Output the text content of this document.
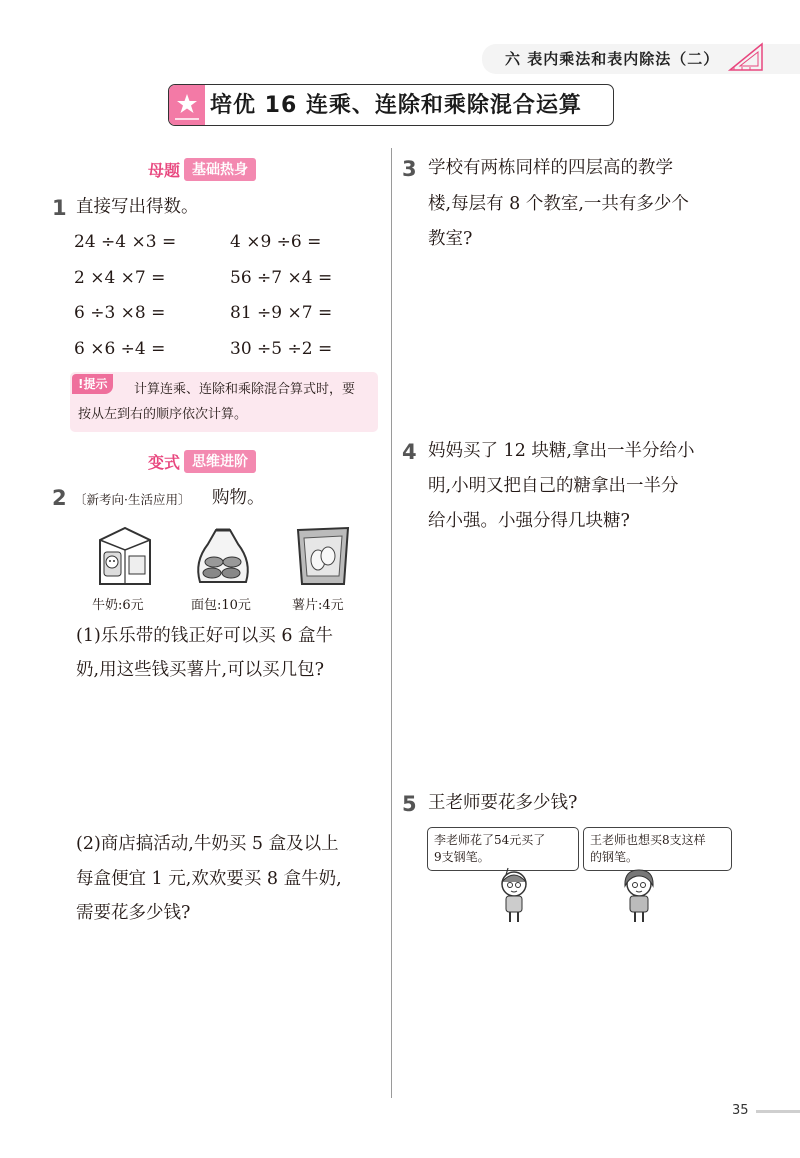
六 表内乘法和表内除法（二）
培优 16 连乘、连除和乘除混合运算
母题 基础热身
1 直接写出得数。
24 ÷4 ×3 =	4 ×9 ÷6 =
2 ×4 ×7 =	56 ÷7 ×4 =
6 ÷3 ×8 =	81 ÷9 ×7 =
6 ×6 ÷4 =	30 ÷5 ÷2 =
!提示	计算连乘、连除和乘除混合算式时，要
按从左到右的顺序依次计算。
变式 思维进阶
2 〔新考向·生活应用〕 购物。
牛奶:6元	面包:10元	薯片:4元
(1)乐乐带的钱正好可以买 6 盒牛
奶,用这些钱买薯片,可以买几包?
(2)商店搞活动,牛奶买 5 盒及以上
每盒便宜 1 元,欢欢要买 8 盒牛奶,
需要花多少钱?
3 学校有两栋同样的四层高的教学
楼,每层有 8 个教室,一共有多少个
教室?
4 妈妈买了 12 块糖,拿出一半分给小
明,小明又把自己的糖拿出一半分
给小强。小强分得几块糖?
5 王老师要花多少钱?
李老师花了54元买了
9支钢笔。
王老师也想买8支这样
的钢笔。
35
